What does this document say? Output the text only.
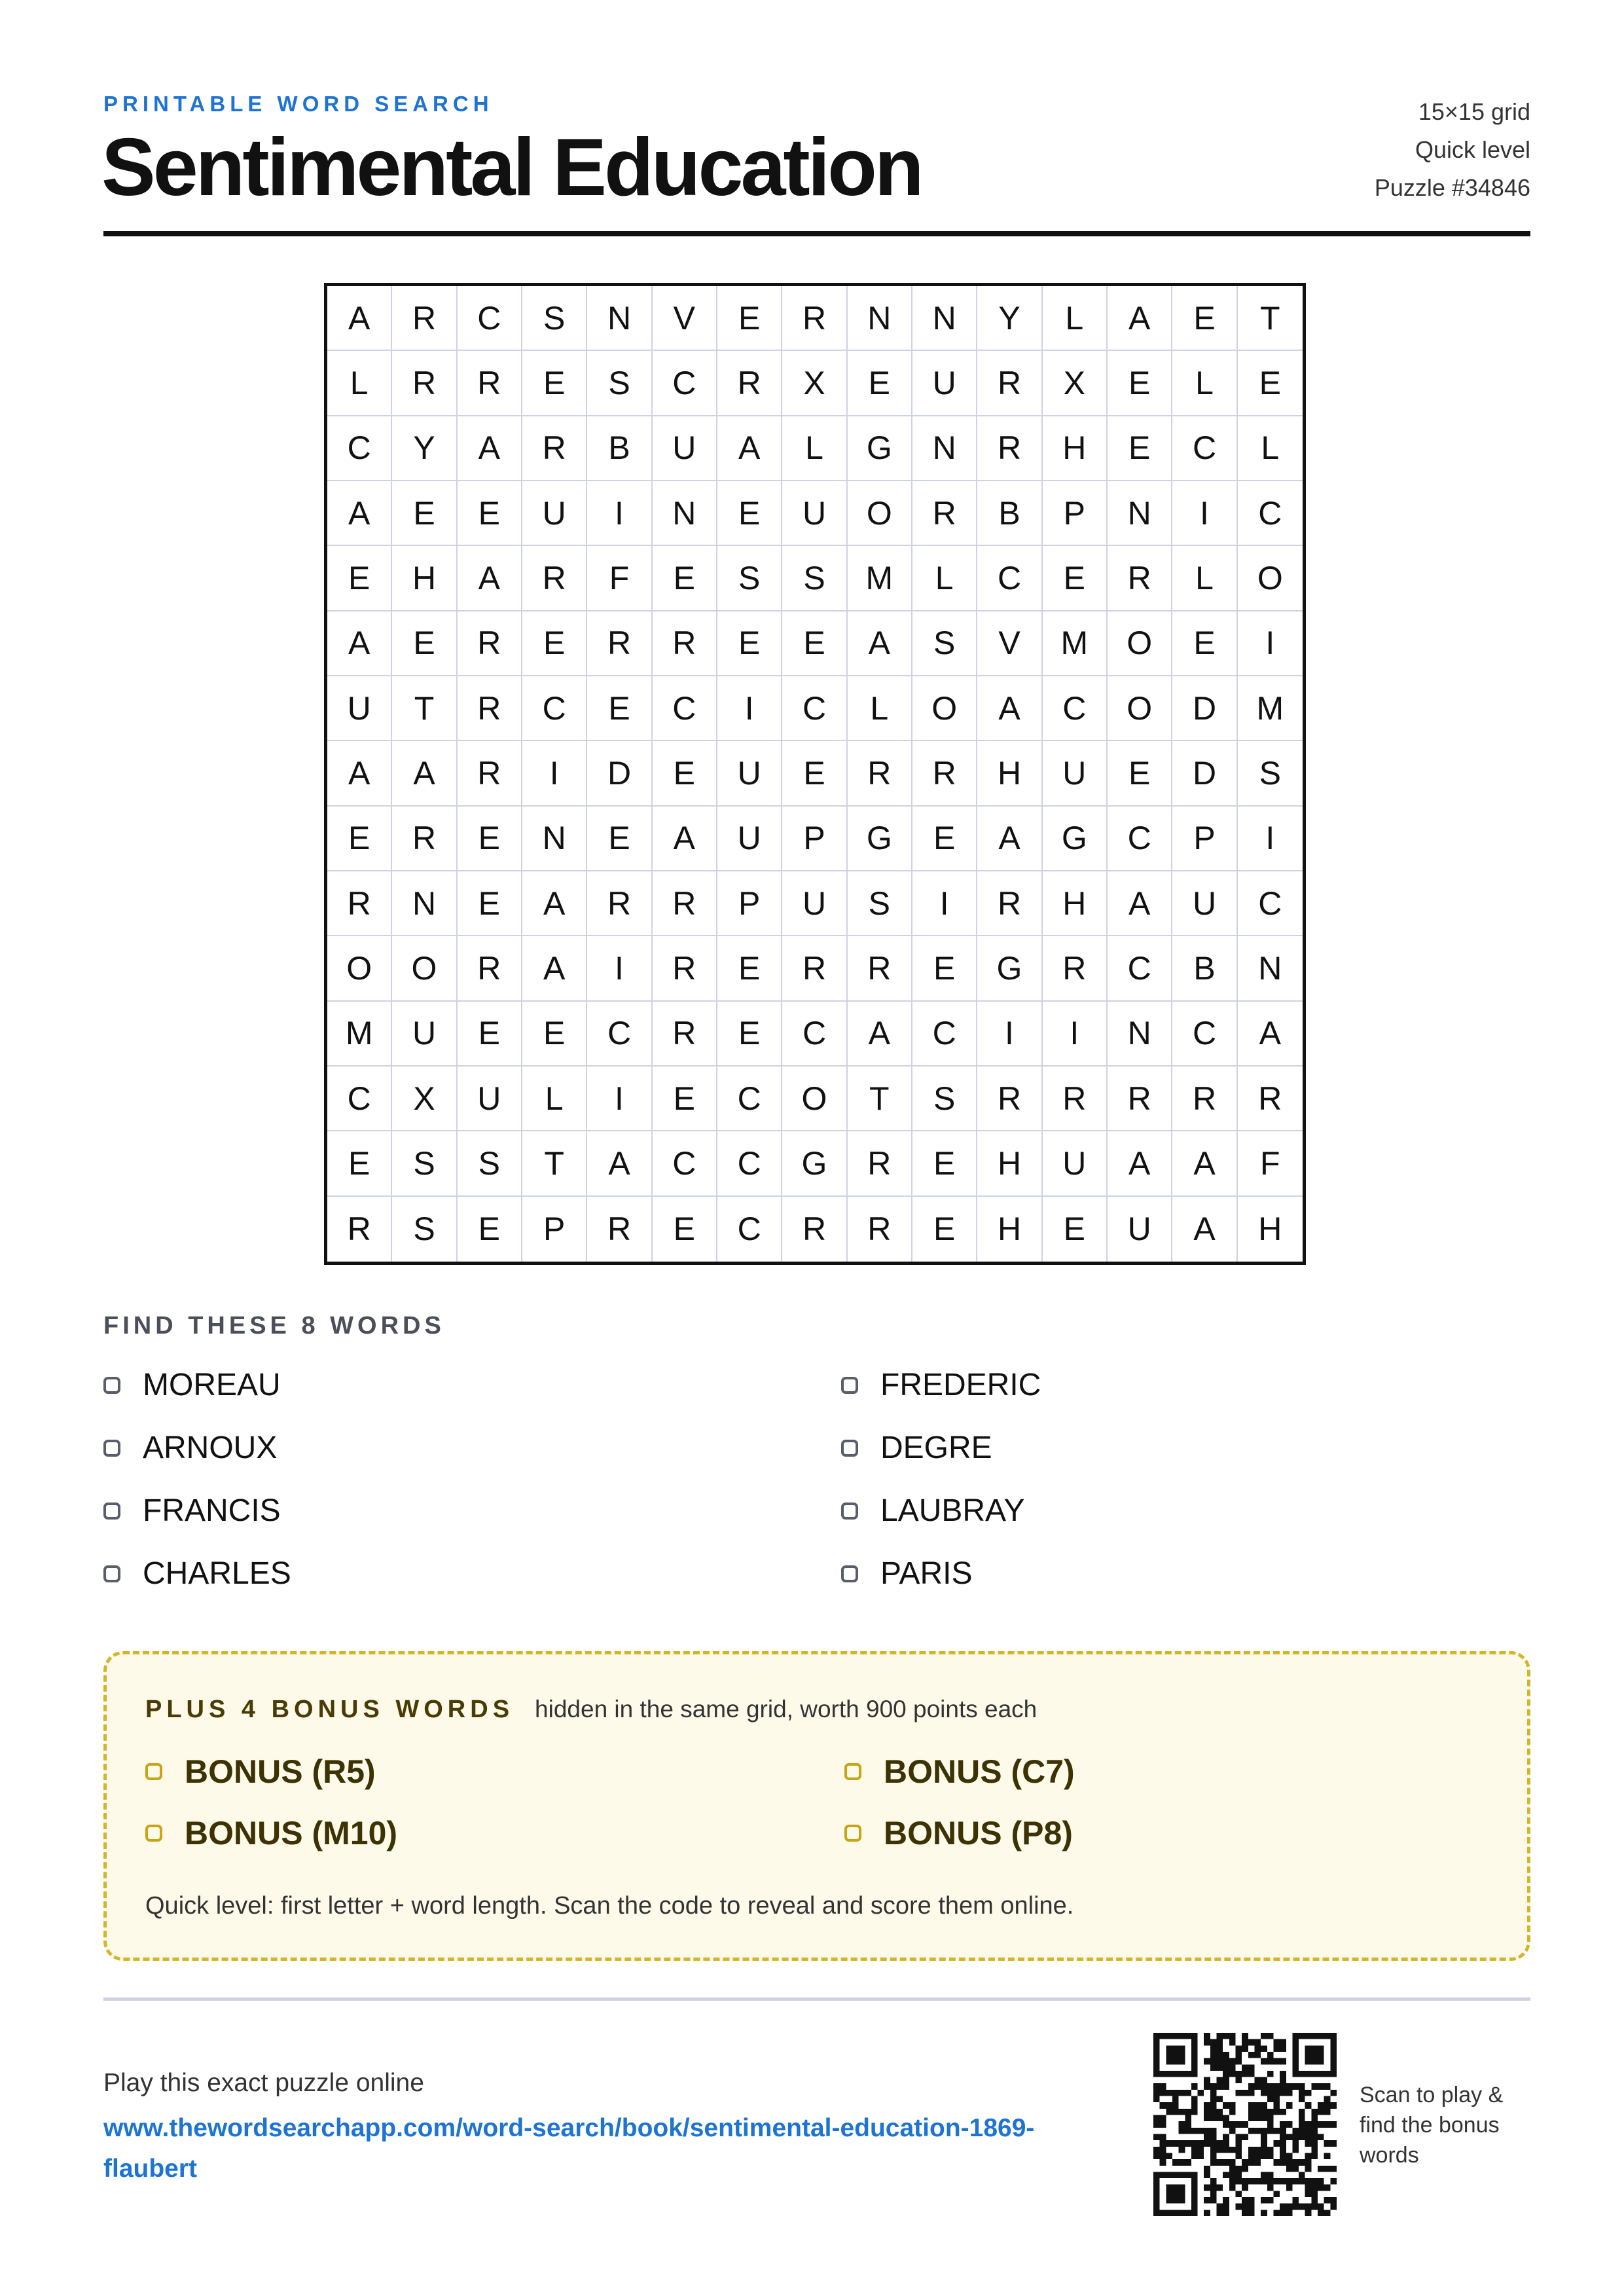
PRINTABLE WORD SEARCH
Sentimental Education
15×15 grid
Quick level
Puzzle #34846
A	R	C	S	N	V	E	R	N	N	Y	L	A	E	T
L	R	R	E	S	C	R	X	E	U	R	X	E	L	E
C	Y	A	R	B	U	A	L	G	N	R	H	E	C	L
A	E	E	U	I	N	E	U	O	R	B	P	N	I	C
E	H	A	R	F	E	S	S	M	L	C	E	R	L	O
A	E	R	E	R	R	E	E	A	S	V	M	O	E	I
U	T	R	C	E	C	I	C	L	O	A	C	O	D	M
A	A	R	I	D	E	U	E	R	R	H	U	E	D	S
E	R	E	N	E	A	U	P	G	E	A	G	C	P	I
R	N	E	A	R	R	P	U	S	I	R	H	A	U	C
O	O	R	A	I	R	E	R	R	E	G	R	C	B	N
M	U	E	E	C	R	E	C	A	C	I	I	N	C	A
C	X	U	L	I	E	C	O	T	S	R	R	R	R	R
E	S	S	T	A	C	C	G	R	E	H	U	A	A	F
R	S	E	P	R	E	C	R	R	E	H	E	U	A	H
FIND THESE 8 WORDS
MOREAU	FREDERIC
ARNOUX	DEGRE
FRANCIS	LAUBRAY
CHARLES	PARIS
PLUS 4 BONUS WORDS hidden in the same grid, worth 900 points each
BONUS (R5)	BONUS (C7)
BONUS (M10)	BONUS (P8)
Quick level: first letter + word length. Scan the code to reveal and score them online.
Play this exact puzzle online
www.thewordsearchapp.com/word-search/book/sentimental-education-1869-flaubert
Scan to play & find the bonus words
